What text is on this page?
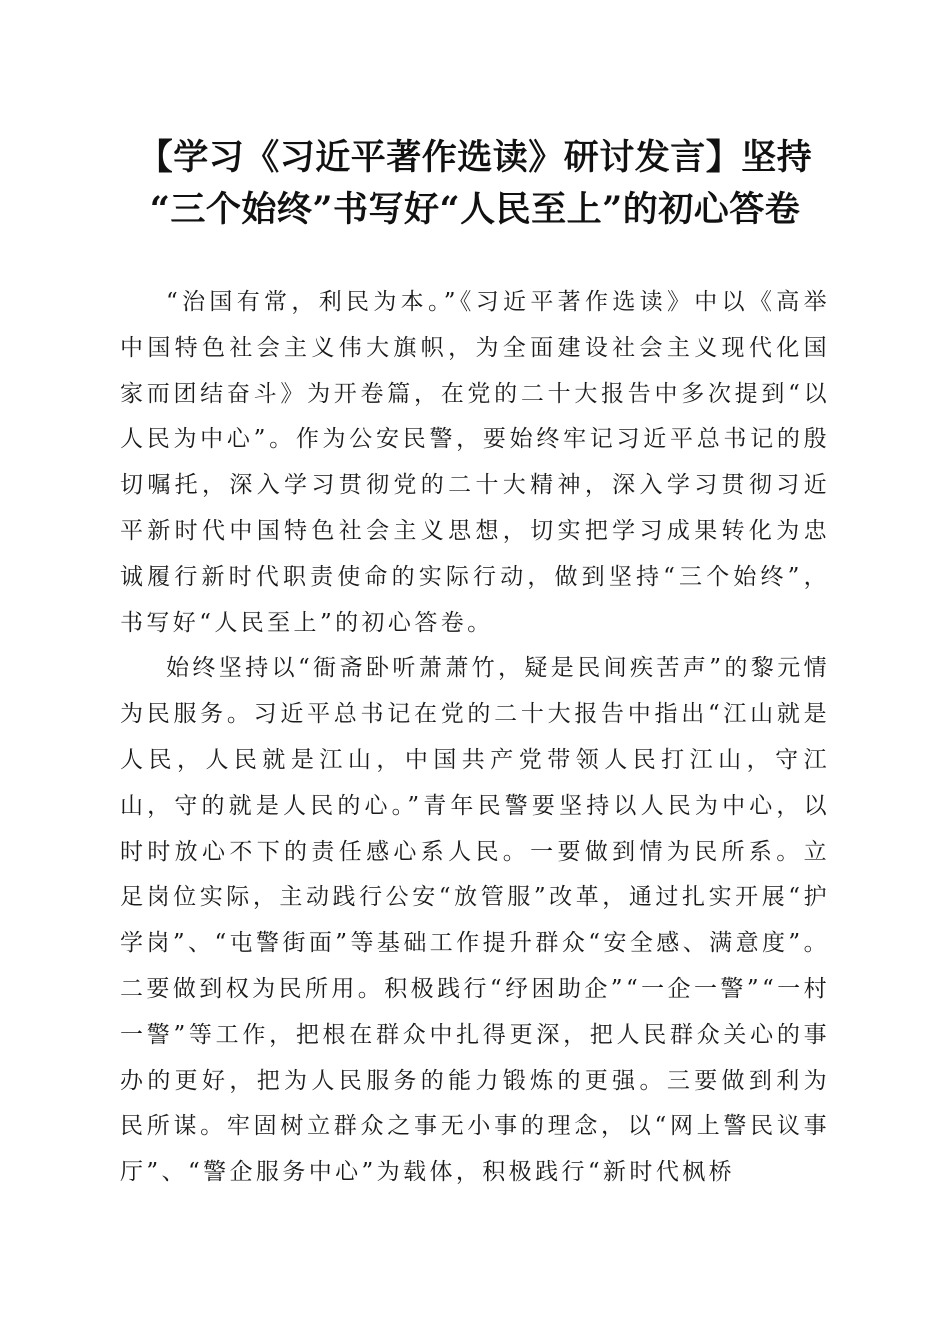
【学习《习近平著作选读》研讨发言】坚持
“三个始终”书写好“人民至上”的初心答卷

“治国有常，利民为本。”《习近平著作选读》中以《高举中国特色社会主义伟大旗帜，为全面建设社会主义现代化国家而团结奋斗》为开卷篇，在党的二十大报告中多次提到“以人民为中心”。作为公安民警，要始终牢记习近平总书记的殷切嘱托，深入学习贯彻党的二十大精神，深入学习贯彻习近平新时代中国特色社会主义思想，切实把学习成果转化为忠诚履行新时代职责使命的实际行动，做到坚持“三个始终”，书写好“人民至上”的初心答卷。

始终坚持以“衙斋卧听萧萧竹，疑是民间疾苦声”的黎元情为民服务。习近平总书记在党的二十大报告中指出“江山就是人民，人民就是江山，中国共产党带领人民打江山，守江山，守的就是人民的心。”青年民警要坚持以人民为中心，以时时放心不下的责任感心系人民。一要做到情为民所系。立足岗位实际，主动践行公安“放管服”改革，通过扎实开展“护学岗”、“屯警街面”等基础工作提升群众“安全感、满意度”。二要做到权为民所用。积极践行“纾困助企”“一企一警”“一村一警”等工作，把根在群众中扎得更深，把人民群众关心的事办的更好，把为人民服务的能力锻炼的更强。三要做到利为民所谋。牢固树立群众之事无小事的理念，以“网上警民议事厅”、“警企服务中心”为载体，积极践行“新时代枫桥
